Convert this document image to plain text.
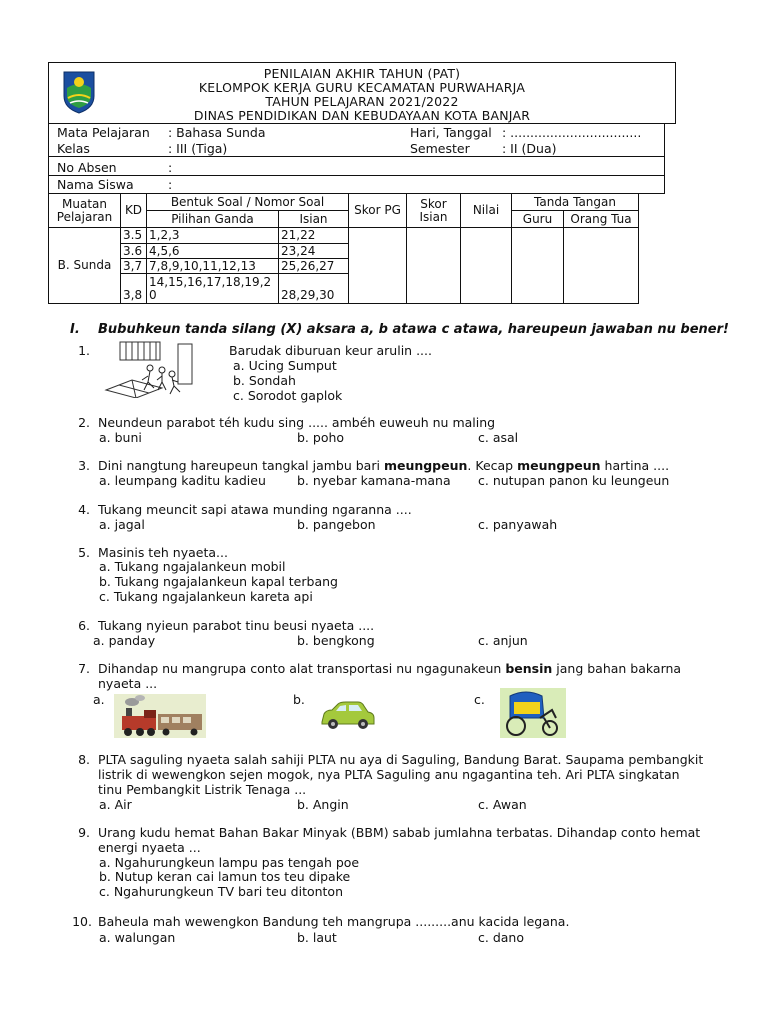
PENILAIAN AKHIR TAHUN (PAT)
KELOMPOK KERJA GURU KECAMATAN PURWAHARJA
TAHUN PELAJARAN 2021/2022
DINAS PENDIDIKAN DAN KEBUDAYAAN KOTA BANJAR
Mata Pelajaran : Bahasa Sunda	Hari, Tanggal : .................................
Kelas	: III (Tiga)	Semester	: II (Dua)
No Absen	:
Nama Siswa	:
Muatan Pelajaran	KD	Bentuk Soal / Nomor Soal		Skor PG	Skor Isian	Nilai	Tanda Tangan	
		Pilihan Ganda	Isian				Guru	Orang Tua
B. Sunda	3.5	1,2,3	21,22					
	3.6	4,5,6	23,24					
	3,7	7,8,9,10,11,12,13	25,26,27					
	3,8	14,15,16,17,18,19,20	28,29,30					
I. Bubuhkeun tanda silang (X) aksara a, b atawa c atawa, hareupeun jawaban nu bener!
1.	Barudak diburuan keur arulin ....
a. Ucing Sumput
b. Sondah
c. Sorodot gaplok
2. Neundeun parabot téh kudu sing ..... ambéh euweuh nu maling
a. buni	b. poho	c. asal
3. Dini nangtung hareupeun tangkal jambu bari meungpeun. Kecap meungpeun hartina ....
a. leumpang kaditu kadieu b. nyebar kamana-mana c. nutupan panon ku leungeun
4. Tukang meuncit sapi atawa munding ngaranna ....
a. jagal	b. pangebon	c. panyawah
5. Masinis teh nyaeta...
a. Tukang ngajalankeun mobil
b. Tukang ngajalankeun kapal terbang
c. Tukang ngajalankeun kareta api
6. Tukang nyieun parabot tinu beusi nyaeta ....
a. panday	b. bengkong	c. anjun
7. Dihandap nu mangrupa conto alat transportasi nu ngagunakeun bensin jang bahan bakarna
nyaeta ...
a.	b.	c.
8. PLTA saguling nyaeta salah sahiji PLTA nu aya di Saguling, Bandung Barat. Saupama pembangkit
listrik di wewengkon sejen mogok, nya PLTA Saguling anu ngagantina teh. Ari PLTA singkatan
tinu Pembangkit Listrik Tenaga ...
a. Air	b. Angin	c. Awan
9. Urang kudu hemat Bahan Bakar Minyak (BBM) sabab jumlahna terbatas. Dihandap conto hemat
energi nyaeta ...
a. Ngahurungkeun lampu pas tengah poe
b. Nutup keran cai lamun tos teu dipake
c. Ngahurungkeun TV bari teu ditonton
10. Baheula mah wewengkon Bandung teh mangrupa .........anu kacida legana.
a. walungan	b. laut	c. dano
